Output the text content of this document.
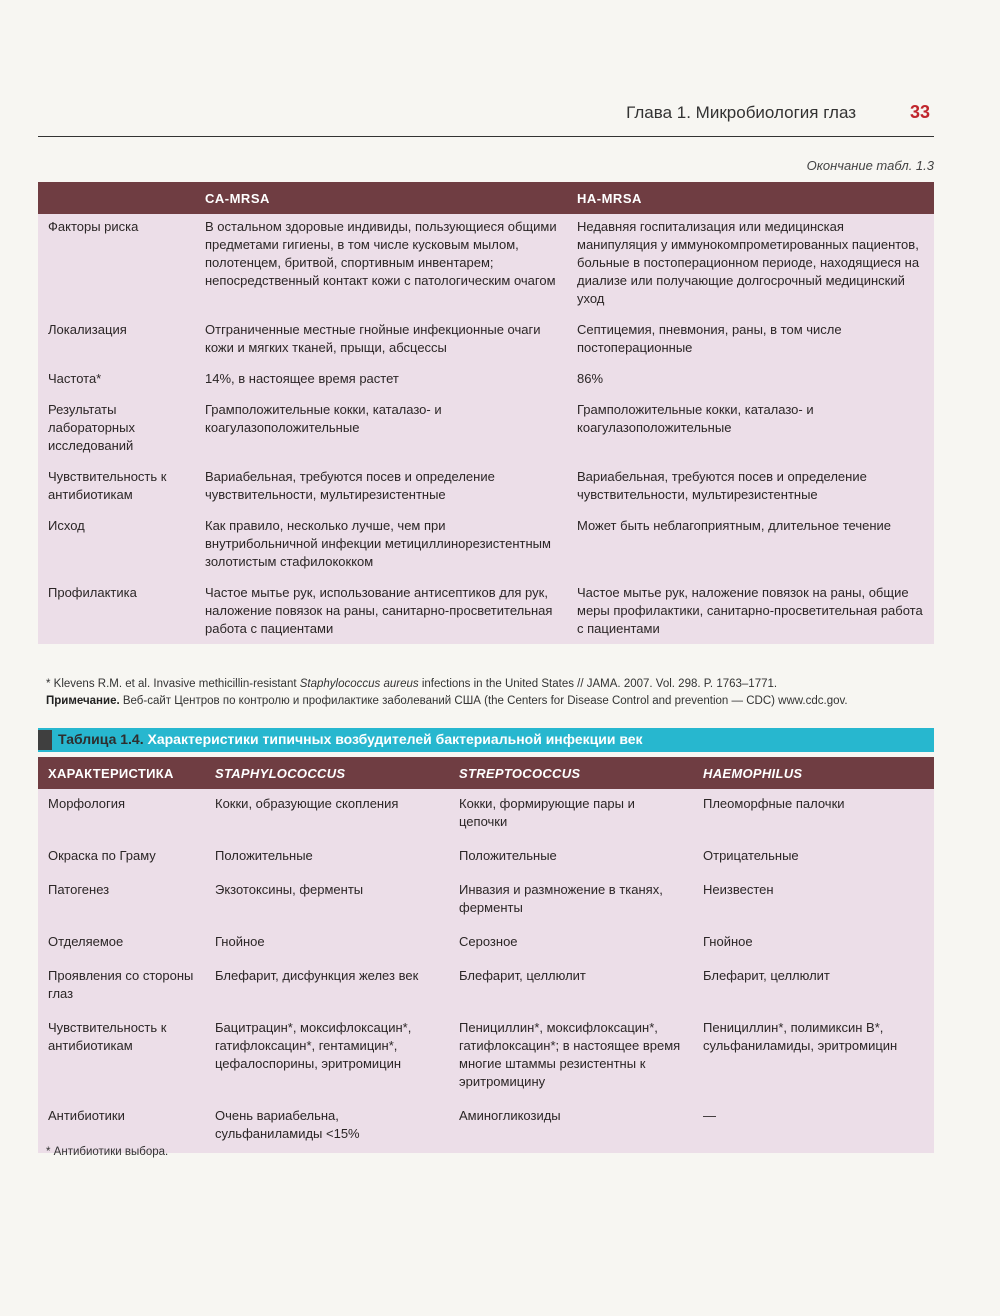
Глава 1. Микробиология глаз	33
Окончание табл. 1.3
	CA-MRSA	HA-MRSA
Факторы риска	В остальном здоровые индивиды, пользующиеся общими предметами гигиены, в том числе кусковым мылом, полотенцем, бритвой, спортивным инвентарем; непосредственный контакт кожи с патологическим очагом	Недавняя госпитализация или медицинская манипуляция у иммунокомпрометированных пациентов, больные в постоперационном периоде, находящиеся на диализе или получающие долгосрочный медицинский уход
Локализация	Отграниченные местные гнойные инфекционные очаги кожи и мягких тканей, прыщи, абсцессы	Септицемия, пневмония, раны, в том числе постоперационные
Частота*	14%, в настоящее время растет	86%
Результаты лабораторных исследований	Грамположительные кокки, каталазо- и коагулазоположительные	Грамположительные кокки, каталазо- и коагулазоположительные
Чувствительность к антибиотикам	Вариабельная, требуются посев и определение чувствительности, мультирезистентные	Вариабельная, требуются посев и определение чувствительности, мультирезистентные
Исход	Как правило, несколько лучше, чем при внутрибольничной инфекции метициллинорезистентным золотистым стафилококком	Может быть неблагоприятным, длительное течение
Профилактика	Частое мытье рук, использование антисептиков для рук, наложение повязок на раны, санитарно-просветительная работа с пациентами	Частое мытье рук, наложение повязок на раны, общие меры профилактики, санитарно-просветительная работа с пациентами
* Klevens R.M. et al. Invasive methicillin-resistant Staphylococcus aureus infections in the United States // JAMA. 2007. Vol. 298. P. 1763–1771.
Примечание. Веб-сайт Центров по контролю и профилактике заболеваний США (the Centers for Disease Control and prevention — CDC) www.cdc.gov.
Таблица 1.4. Характеристики типичных возбудителей бактериальной инфекции век
ХАРАКТЕРИСТИКА	STAPHYLOCOCCUS	STREPTOCOCCUS	HAEMOPHILUS
Морфология	Кокки, образующие скопления	Кокки, формирующие пары и цепочки	Плеоморфные палочки
Окраска по Граму	Положительные	Положительные	Отрицательные
Патогенез	Экзотоксины, ферменты	Инвазия и размножение в тканях, ферменты	Неизвестен
Отделяемое	Гнойное	Серозное	Гнойное
Проявления со стороны глаз	Блефарит, дисфункция желез век	Блефарит, целлюлит	Блефарит, целлюлит
Чувствительность к антибиотикам	Бацитрацин*, моксифлоксацин*, гатифлоксацин*, гентамицин*, цефалоспорины, эритромицин	Пенициллин*, моксифлоксацин*, гатифлоксацин*; в настоящее время многие штаммы резистентны к эритромицину	Пенициллин*, полимиксин B*, сульфаниламиды, эритромицин
Антибиотики	Очень вариабельна, сульфаниламиды <15%	Аминогликозиды	—
* Антибиотики выбора.
